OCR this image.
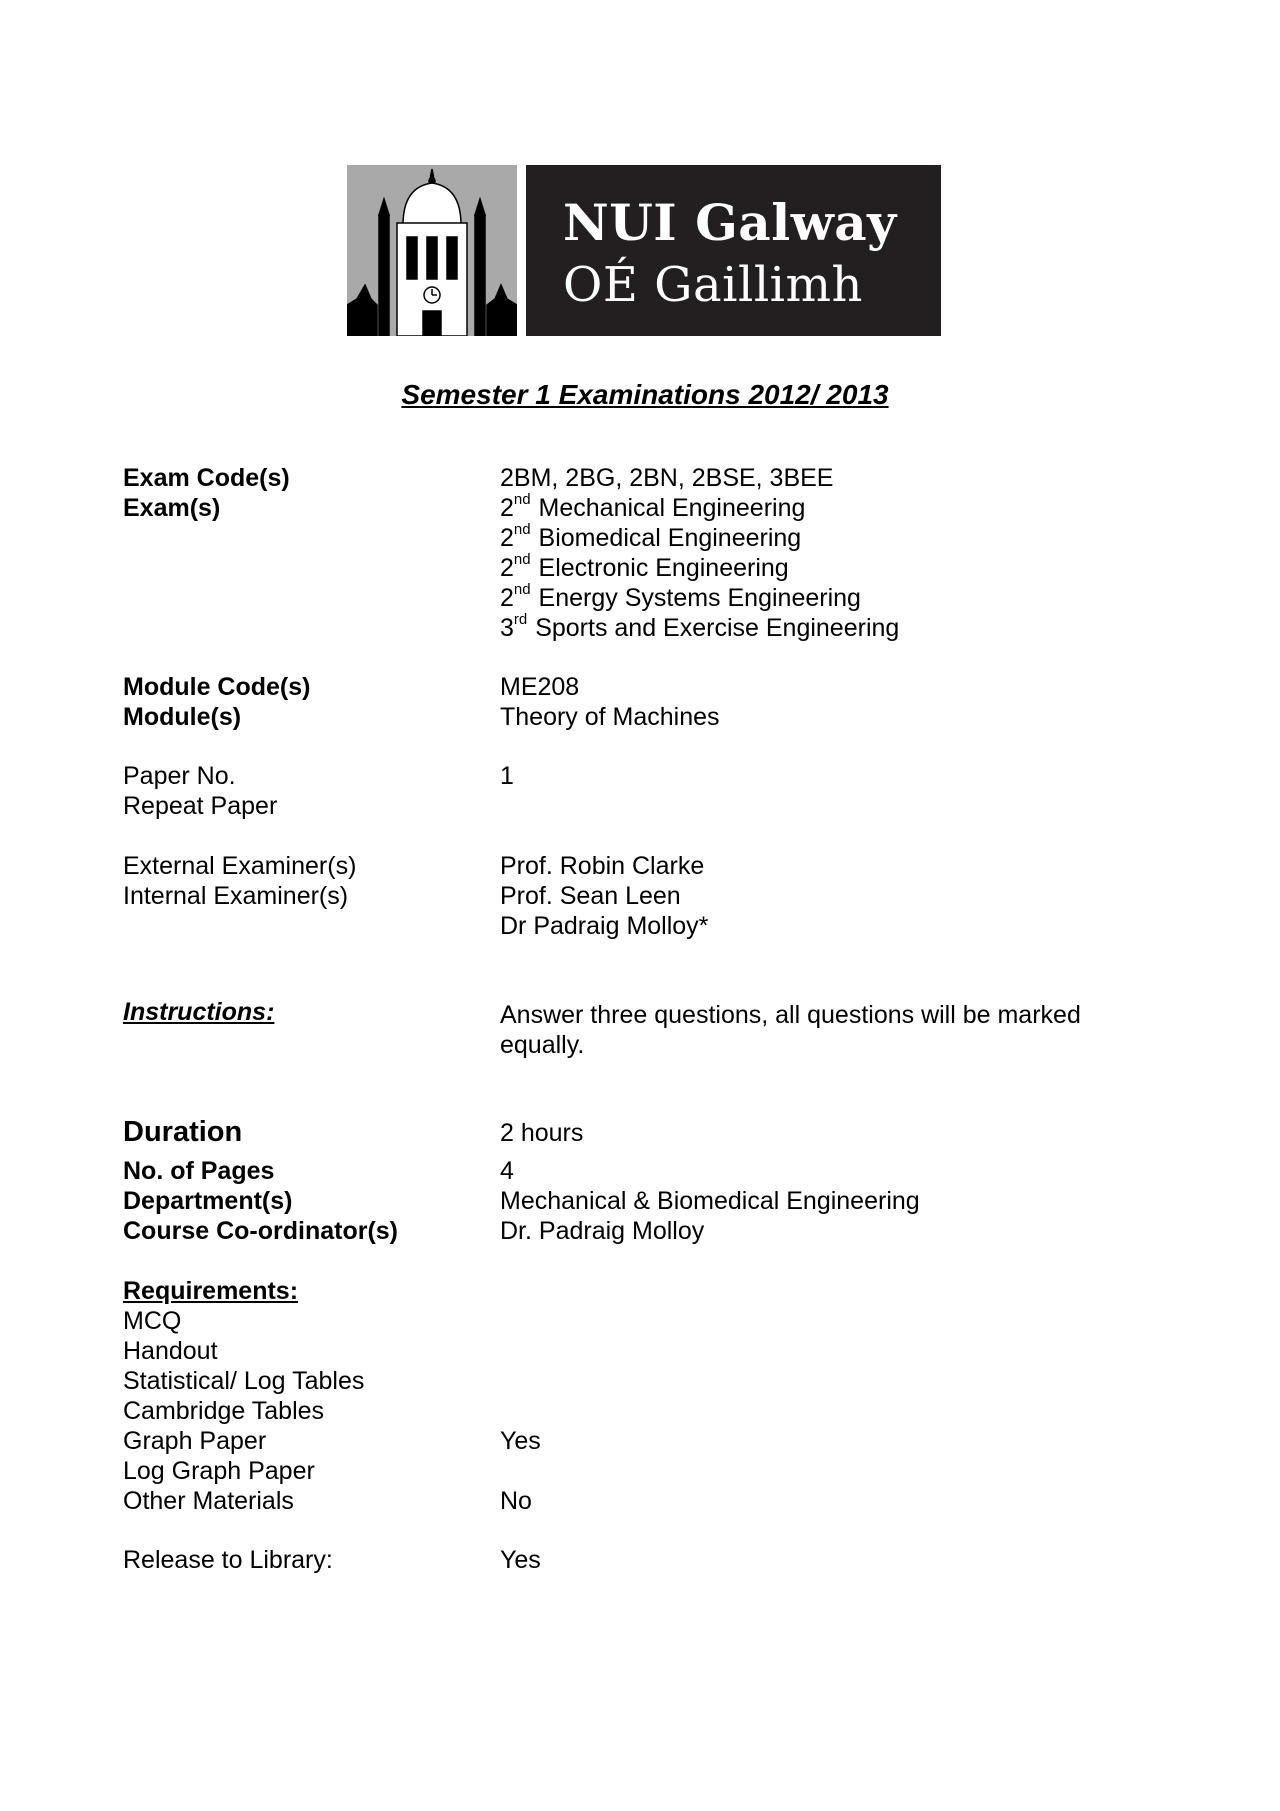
NUI Galway
OÉ Gaillimh
Semester 1 Examinations 2012/ 2013
Exam Code(s)	2BM, 2BG, 2BN, 2BSE, 3BEE
Exam(s)	2nd Mechanical Engineering
2nd Biomedical Engineering
2nd Electronic Engineering
2nd Energy Systems Engineering
3rd Sports and Exercise Engineering
Module Code(s)	ME208
Module(s)	Theory of Machines
Paper No.	1
Repeat Paper
External Examiner(s)	Prof. Robin Clarke
Internal Examiner(s)	Prof. Sean Leen
Dr Padraig Molloy*
Instructions:	Answer three questions, all questions will be marked
equally.
Duration	2 hours
No. of Pages	4
Department(s)	Mechanical & Biomedical Engineering
Course Co-ordinator(s)	Dr. Padraig Molloy
Requirements:
MCQ
Handout
Statistical/ Log Tables
Cambridge Tables
Graph Paper	Yes
Log Graph Paper
Other Materials	No
Release to Library:	Yes
